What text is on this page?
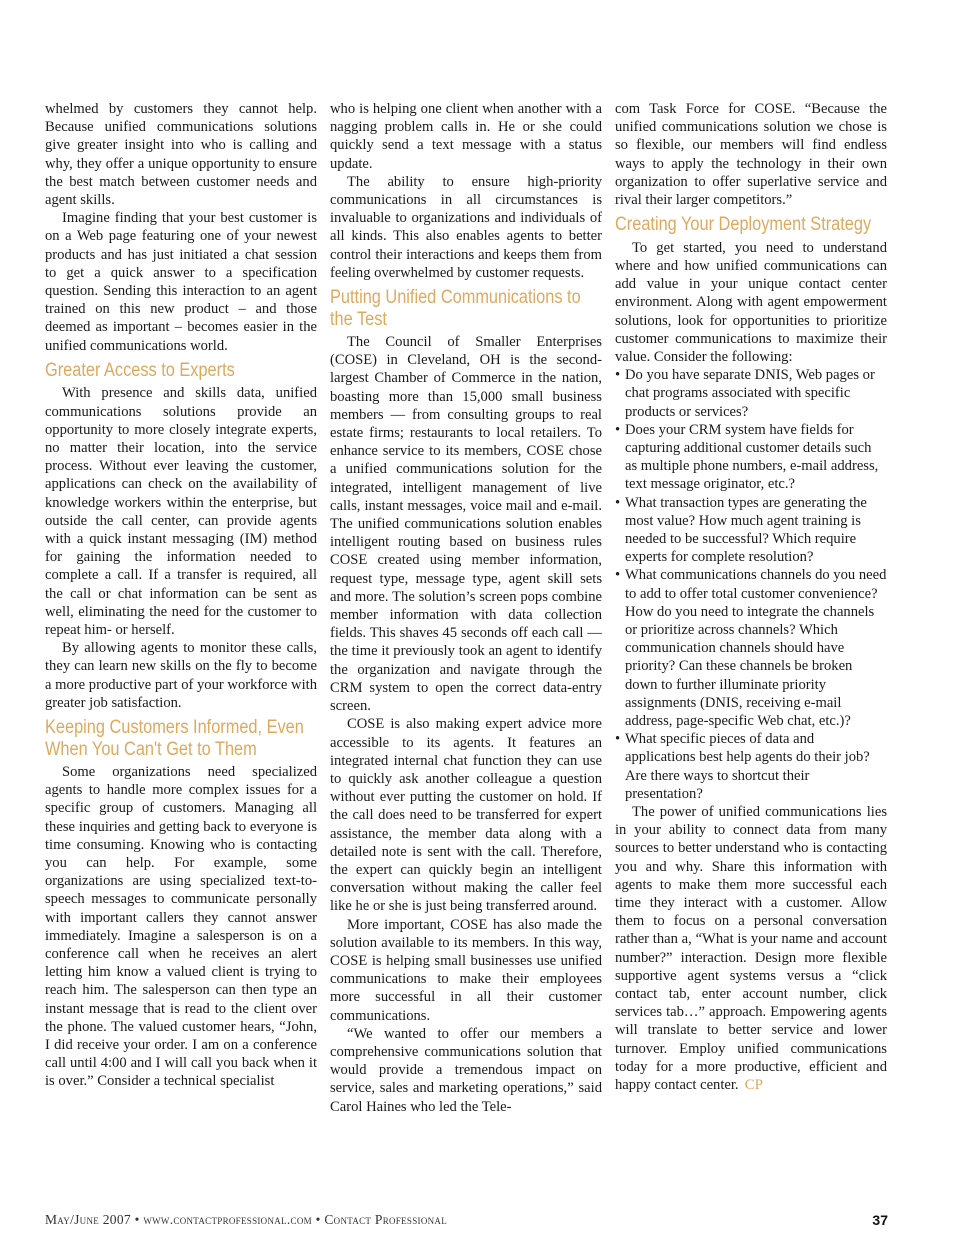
whelmed by customers they cannot help. Because unified communications solutions give greater insight into who is calling and why, they offer a unique opportunity to ensure the best match between customer needs and agent skills.

Imagine finding that your best customer is on a Web page featuring one of your newest products and has just initiated a chat session to get a quick answer to a specification question. Sending this interaction to an agent trained on this new product – and those deemed as important – becomes easier in the unified communications world.

Greater Access to Experts

With presence and skills data, unified communications solutions provide an opportunity to more closely integrate experts, no matter their location, into the service process. Without ever leaving the customer, applications can check on the availability of knowledge workers within the enterprise, but outside the call center, can provide agents with a quick instant messaging (IM) method for gaining the information needed to complete a call. If a transfer is required, all the call or chat information can be sent as well, eliminating the need for the customer to repeat him- or herself.

By allowing agents to monitor these calls, they can learn new skills on the fly to become a more productive part of your workforce with greater job satisfaction.

Keeping Customers Informed, Even When You Can't Get to Them

Some organizations need specialized agents to handle more complex issues for a specific group of customers. Managing all these inquiries and getting back to everyone is time consuming. Knowing who is contacting you can help. For example, some organizations are using specialized text-to-speech messages to communicate personally with important callers they cannot answer immediately. Imagine a salesperson is on a conference call when he receives an alert letting him know a valued client is trying to reach him. The salesperson can then type an instant message that is read to the client over the phone. The valued customer hears, “John, I did receive your order. I am on a conference call until 4:00 and I will call you back when it is over.” Consider a technical specialist

who is helping one client when another with a nagging problem calls in. He or she could quickly send a text message with a status update.

The ability to ensure high-priority communications in all circumstances is invaluable to organizations and individuals of all kinds. This also enables agents to better control their interactions and keeps them from feeling overwhelmed by customer requests.

Putting Unified Communications to the Test

The Council of Smaller Enterprises (COSE) in Cleveland, OH is the second-largest Chamber of Commerce in the nation, boasting more than 15,000 small business members — from consulting groups to real estate firms; restaurants to local retailers. To enhance service to its members, COSE chose a unified communications solution for the integrated, intelligent management of live calls, instant messages, voice mail and e-mail. The unified communications solution enables intelligent routing based on business rules COSE created using member information, request type, message type, agent skill sets and more. The solution’s screen pops combine member information with data collection fields. This shaves 45 seconds off each call — the time it previously took an agent to identify the organization and navigate through the CRM system to open the correct data-entry screen.

COSE is also making expert advice more accessible to its agents. It features an integrated internal chat function they can use to quickly ask another colleague a question without ever putting the customer on hold. If the call does need to be transferred for expert assistance, the member data along with a detailed note is sent with the call. Therefore, the expert can quickly begin an intelligent conversation without making the caller feel like he or she is just being transferred around.

More important, COSE has also made the solution available to its members. In this way, COSE is helping small businesses use unified communications to make their employees more successful in all their customer communications.

“We wanted to offer our members a comprehensive communications solution that would provide a tremendous impact on service, sales and marketing operations,” said Carol Haines who led the Tele-

com Task Force for COSE. “Because the unified communications solution we chose is so flexible, our members will find endless ways to apply the technology in their own organization to offer superlative service and rival their larger competitors.”

Creating Your Deployment Strategy

To get started, you need to understand where and how unified communications can add value in your unique contact center environment. Along with agent empowerment solutions, look for opportunities to prioritize customer communications to maximize their value. Consider the following:

• Do you have separate DNIS, Web pages or chat programs associated with specific products or services?
• Does your CRM system have fields for capturing additional customer details such as multiple phone numbers, e-mail address, text message originator, etc.?
• What transaction types are generating the most value? How much agent training is needed to be successful? Which require experts for complete resolution?
• What communications channels do you need to add to offer total customer convenience? How do you need to integrate the channels or prioritize across channels? Which communication channels should have priority? Can these channels be broken down to further illuminate priority assignments (DNIS, receiving e-mail address, page-specific Web chat, etc.)?
• What specific pieces of data and applications best help agents do their job? Are there ways to shortcut their presentation?

The power of unified communications lies in your ability to connect data from many sources to better understand who is contacting you and why. Share this information with agents to make them more successful each time they interact with a customer. Allow them to focus on a personal conversation rather than a, “What is your name and account number?” interaction. Design more flexible supportive agent systems versus a “click contact tab, enter account number, click services tab…” approach. Empowering agents will translate to better service and lower turnover. Employ unified communications today for a more productive, efficient and happy contact center. CP

May/June 2007 • www.contactprofessional.com • Contact Professional	37
